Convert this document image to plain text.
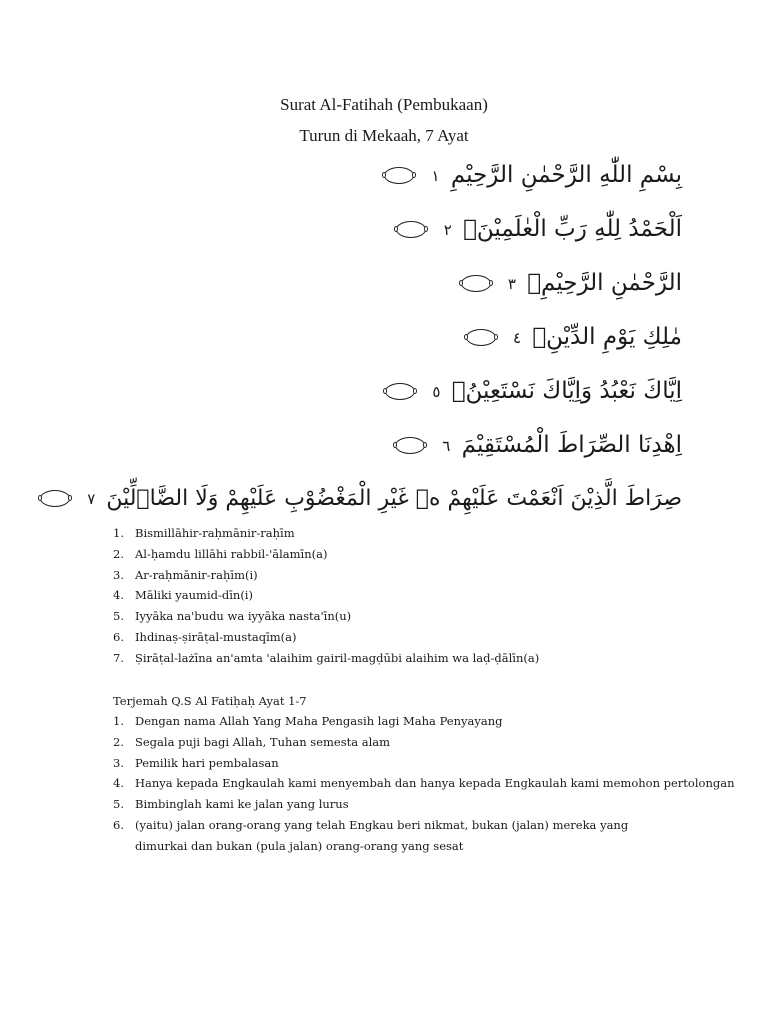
Surat Al-Fatihah (Pembukaan)
Turun di Mekaah, 7 Ayat
بِسْمِ اللّٰهِ الرَّحْمٰنِ الرَّحِيْمِ ١
اَلْحَمْدُ لِلّٰهِ رَبِّ الْعٰلَمِيْنَۙ ٢
الرَّحْمٰنِ الرَّحِيْمِۙ ٣
مٰلِكِ يَوْمِ الدِّيْنِۗ ٤
اِيَّاكَ نَعْبُدُ وَاِيَّاكَ نَسْتَعِيْنُۗ ٥
اِهْدِنَا الصِّرَاطَ الْمُسْتَقِيْمَ ٦
صِرَاطَ الَّذِيْنَ اَنْعَمْتَ عَلَيْهِمْ ەۙ غَيْرِ الْمَغْضُوْبِ عَلَيْهِمْ وَلَا الضَّاۤلِّيْنَ ٧
1. Bismillāhir-raḥmānir-raḥīm
2. Al-ḥamdu lillāhi rabbil-'ālamīn(a)
3. Ar-raḥmānir-raḥīm(i)
4. Māliki yaumid-dīn(i)
5. Iyyāka na'budu wa iyyāka nasta'īn(u)
6. Ihdinaṣ-ṣirāṭal-mustaqīm(a)
7. Ṣirāṭal-lażīna an'amta 'alaihim gairil-magḍūbi alaihim wa laḍ-ḍālīn(a)
Terjemah Q.S Al Fatiḥaḥ Ayat 1-7
1. Dengan nama Allah Yang Maha Pengasih lagi Maha Penyayang
2. Segala puji bagi Allah, Tuhan semesta alam
3. Pemilik hari pembalasan
4. Hanya kepada Engkaulah kami menyembah dan hanya kepada Engkaulah kami memohon pertolongan
5. Bimbinglah kami ke jalan yang lurus
6. (yaitu) jalan orang-orang yang telah Engkau beri nikmat, bukan (jalan) mereka yang dimurkai dan bukan (pula jalan) orang-orang yang sesat
